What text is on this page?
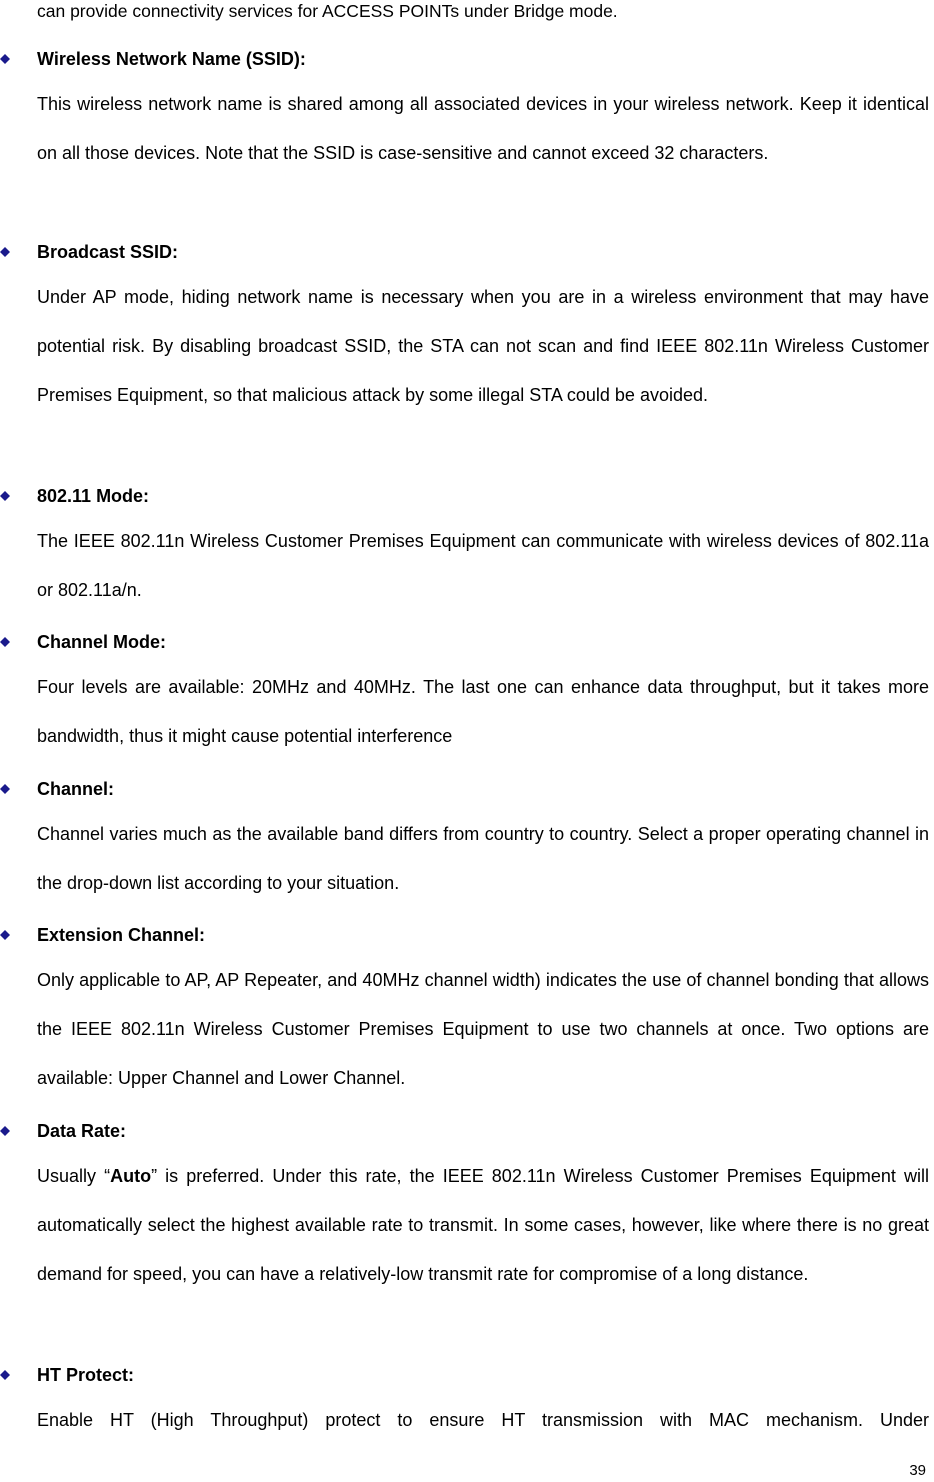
can provide connectivity services for ACCESS POINTs under Bridge mode.
Wireless Network Name (SSID):
This wireless network name is shared among all associated devices in your wireless network. Keep it identical on all those devices. Note that the SSID is case-sensitive and cannot exceed 32 characters.
Broadcast SSID:
Under AP mode, hiding network name is necessary when you are in a wireless environment that may have potential risk. By disabling broadcast SSID, the STA can not scan and find IEEE 802.11n Wireless Customer Premises Equipment, so that malicious attack by some illegal STA could be avoided.
802.11 Mode:
The IEEE 802.11n Wireless Customer Premises Equipment can communicate with wireless devices of 802.11a or 802.11a/n.
Channel Mode:
Four levels are available: 20MHz and 40MHz. The last one can enhance data throughput, but it takes more bandwidth, thus it might cause potential interference
Channel:
Channel varies much as the available band differs from country to country. Select a proper operating channel in the drop-down list according to your situation.
Extension Channel:
Only applicable to AP, AP Repeater, and 40MHz channel width) indicates the use of channel bonding that allows the IEEE 802.11n Wireless Customer Premises Equipment to use two channels at once. Two options are available: Upper Channel and Lower Channel.
Data Rate:
Usually “Auto” is preferred. Under this rate, the IEEE 802.11n Wireless Customer Premises Equipment will automatically select the highest available rate to transmit. In some cases, however, like where there is no great demand for speed, you can have a relatively-low transmit rate for compromise of a long distance.
HT Protect:
Enable HT (High Throughput) protect to ensure HT transmission with MAC mechanism. Under
39
